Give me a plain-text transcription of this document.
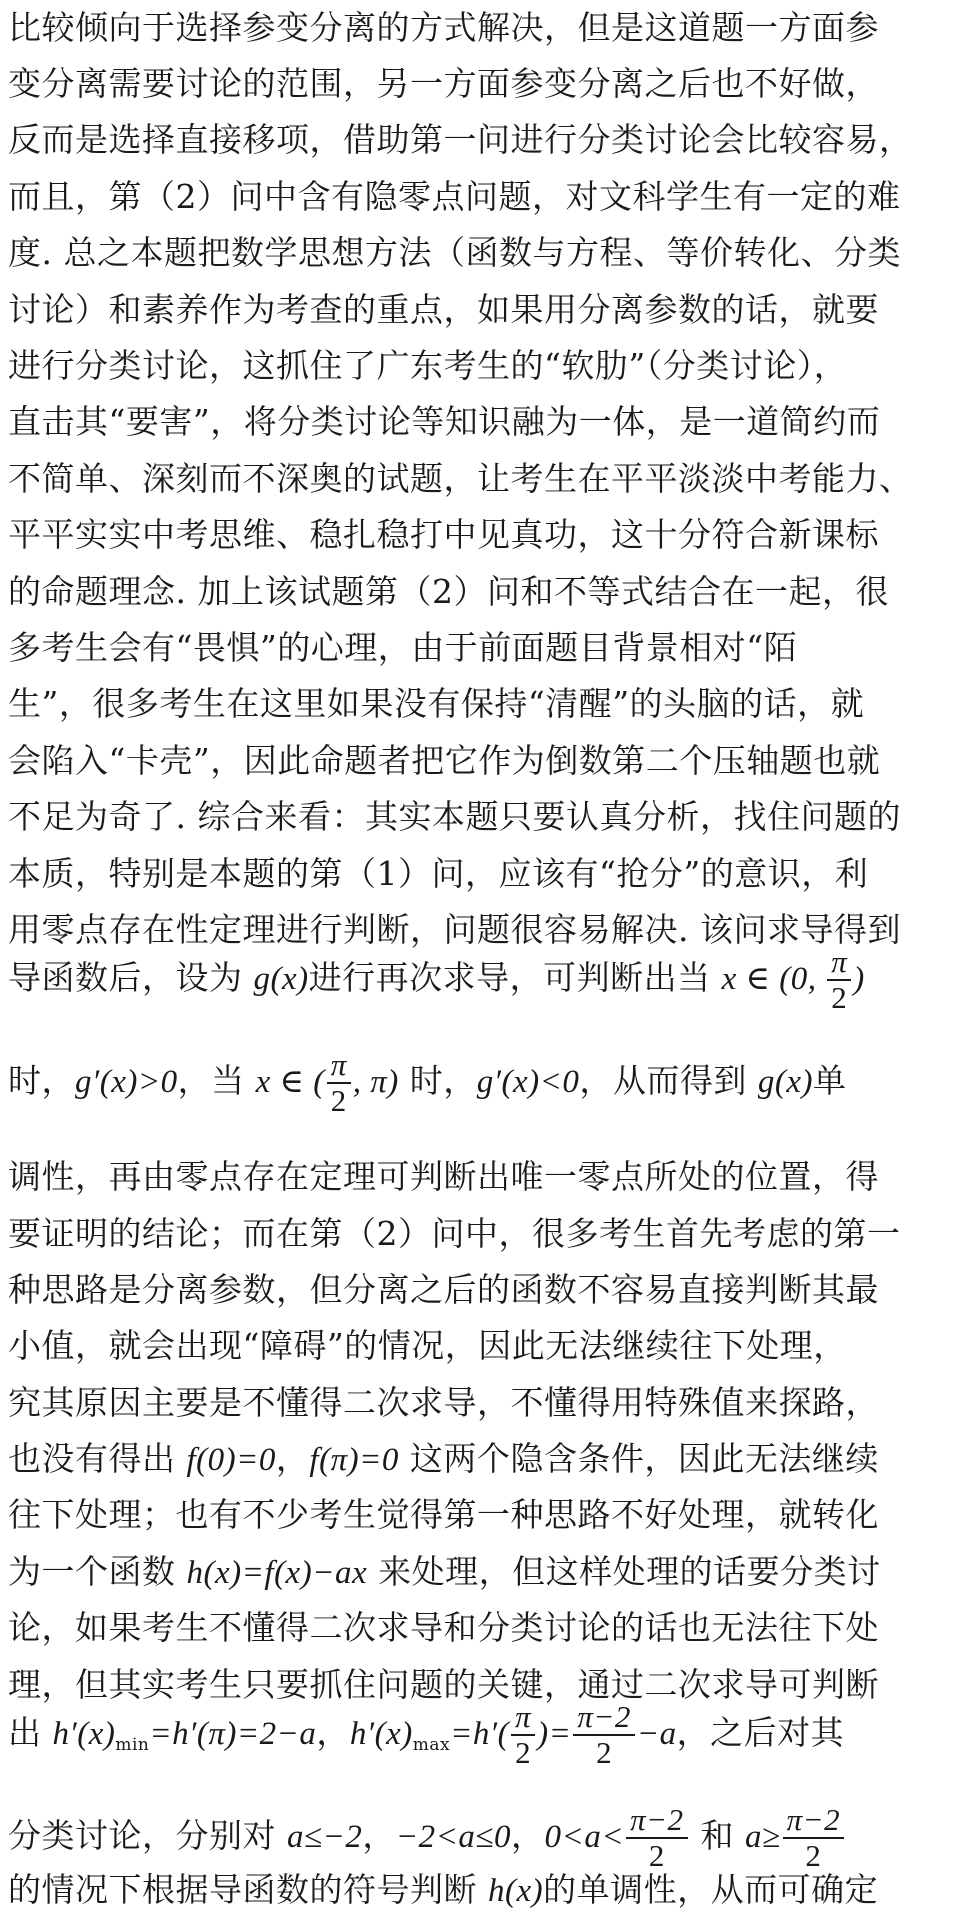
比较倾向于选择参变分离的方式解决，但是这道题一方面参
变分离需要讨论的范围，另一方面参变分离之后也不好做，
反而是选择直接移项，借助第一问进行分类讨论会比较容易，
而且，第（2）问中含有隐零点问题，对文科学生有一定的难
度. 总之本题把数学思想方法（函数与方程、等价转化、分类
讨论）和素养作为考查的重点，如果用分离参数的话，就要
进行分类讨论，这抓住了广东考生的“软肋”（分类讨论），
直击其“要害”，将分类讨论等知识融为一体，是一道简约而
不简单、深刻而不深奥的试题，让考生在平平淡淡中考能力、
平平实实中考思维、稳扎稳打中见真功，这十分符合新课标
的命题理念. 加上该试题第（2）问和不等式结合在一起，很
多考生会有“畏惧”的心理，由于前面题目背景相对“陌
生”，很多考生在这里如果没有保持“清醒”的头脑的话，就
会陷入“卡壳”，因此命题者把它作为倒数第二个压轴题也就
不足为奇了. 综合来看：其实本题只要认真分析，找住问题的
本质，特别是本题的第（1）问，应该有“抢分”的意识，利
用零点存在性定理进行判断，问题很容易解决. 该问求导得到
导函数后，设为 g(x)进行再次求导，可判断出当 x ∈ (0, $\frac{\pi}{2}$ )
时，g′(x)>0，当 x ∈ ( $\frac{\pi}{2}$ , π) 时，g′(x)<0，从而得到 g(x)单
调性，再由零点存在定理可判断出唯一零点所处的位置，得
要证明的结论；而在第（2）问中，很多考生首先考虑的第一
种思路是分离参数，但分离之后的函数不容易直接判断其最
小值，就会出现“障碍”的情况，因此无法继续往下处理，
究其原因主要是不懂得二次求导，不懂得用特殊值来探路，
也没有得出 f(0)=0，f(π)=0 这两个隐含条件，因此无法继续
往下处理；也有不少考生觉得第一种思路不好处理，就转化
为一个函数 h(x)=f(x)−ax 来处理，但这样处理的话要分类讨
论，如果考生不懂得二次求导和分类讨论的话也无法往下处
理，但其实考生只要抓住问题的关键，通过二次求导可判断
出 $h'(x)_{min}=h'(\pi)=2-a$，$h'(x)_{max}=h'( \frac{\pi}{2}$ )= $\frac{\pi-2}{2} -a$，之后对其
分类讨论，分别对 a≤−2，−2<a≤0，$0<a< \frac{\pi-2}{2}$ 和 $a\ge \frac{\pi-2}{2}$
的情况下根据导函数的符号判断 h(x)的单调性，从而可确定
